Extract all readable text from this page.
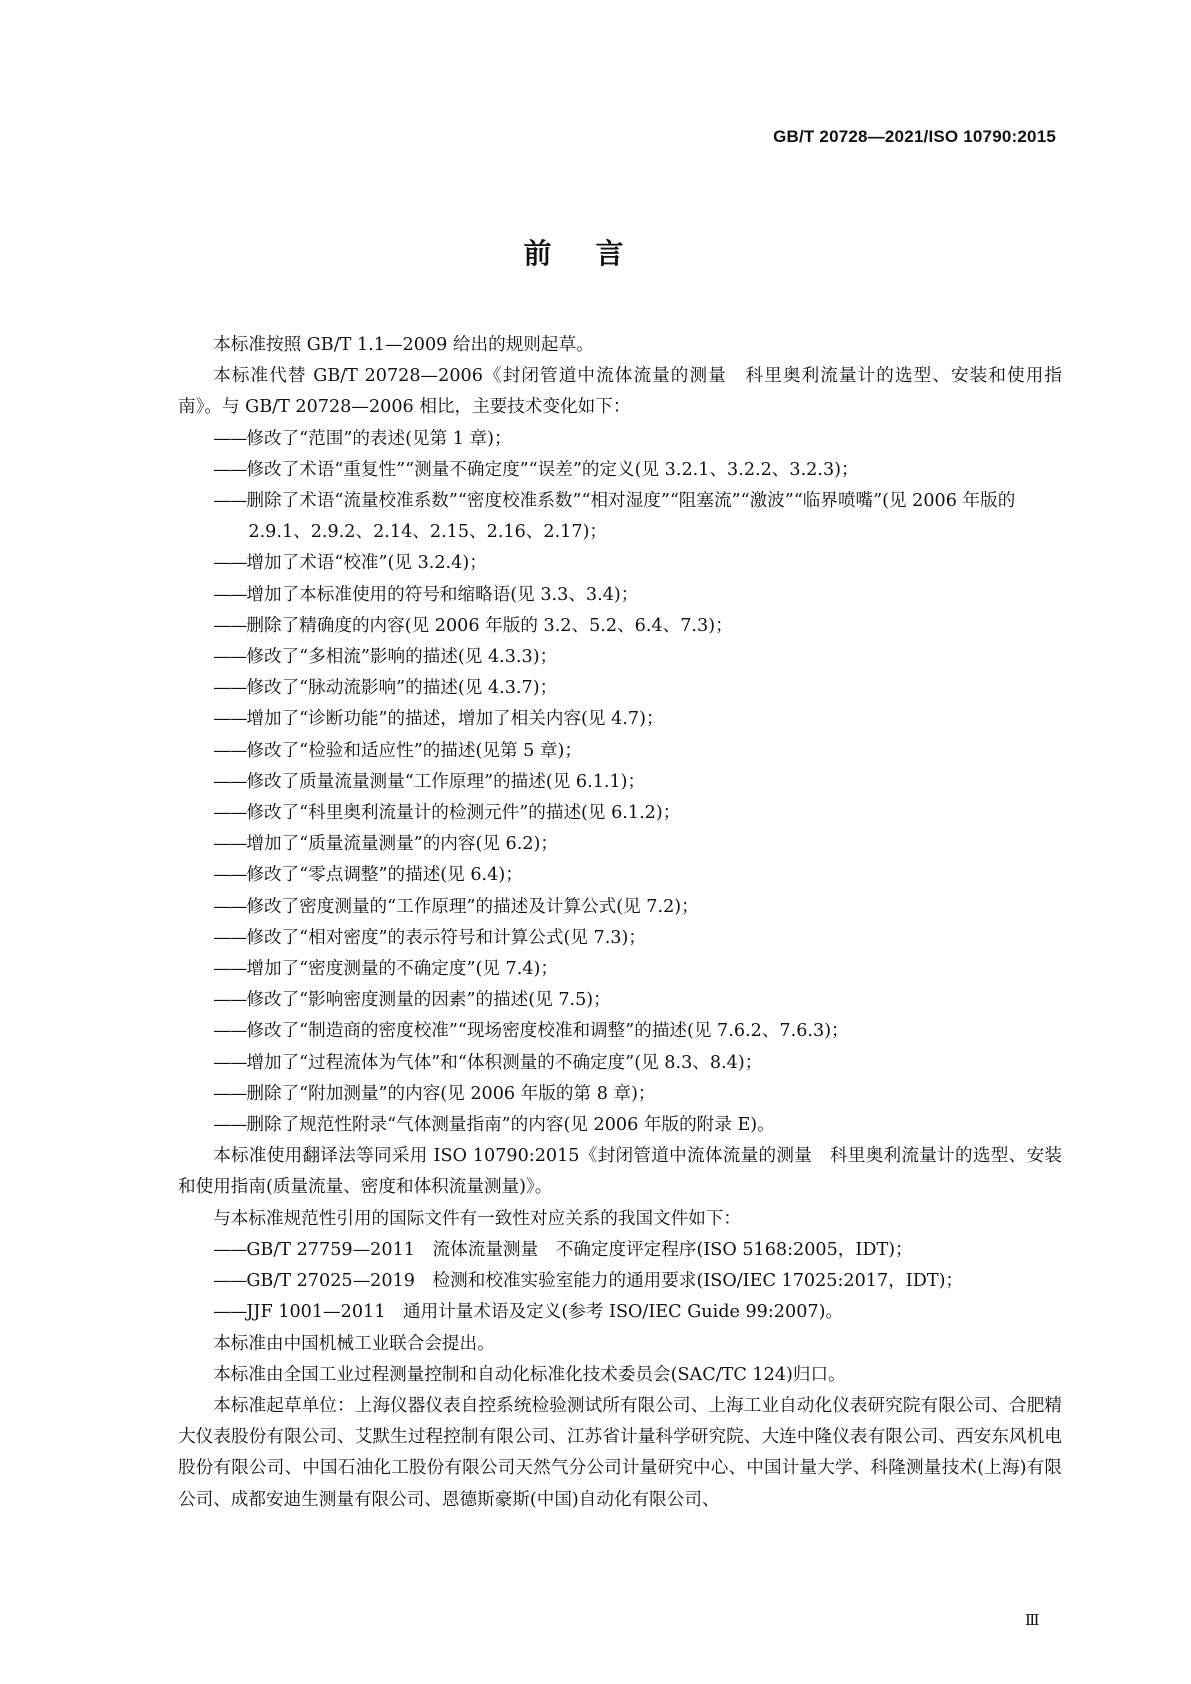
GB/T 20728—2021/ISO 10790:2015
前言

本标准按照 GB/T 1.1—2009 给出的规则起草。

本标准代替 GB/T 20728—2006《封闭管道中流体流量的测量　科里奥利流量计的选型、安装和使用指南》。与 GB/T 20728—2006 相比，主要技术变化如下：

——修改了“范围”的表述(见第 1 章)；

——修改了术语“重复性”“测量不确定度”“误差”的定义(见 3.2.1、3.2.2、3.2.3)；

——删除了术语“流量校准系数”“密度校准系数”“相对湿度”“阻塞流”“激波”“临界喷嘴”(见 2006 年版的 2.9.1、2.9.2、2.14、2.15、2.16、2.17)；

——增加了术语“校准”(见 3.2.4)；

——增加了本标准使用的符号和缩略语(见 3.3、3.4)；

——删除了精确度的内容(见 2006 年版的 3.2、5.2、6.4、7.3)；

——修改了“多相流”影响的描述(见 4.3.3)；

——修改了“脉动流影响”的描述(见 4.3.7)；

——增加了“诊断功能”的描述，增加了相关内容(见 4.7)；

——修改了“检验和适应性”的描述(见第 5 章)；

——修改了质量流量测量“工作原理”的描述(见 6.1.1)；

——修改了“科里奥利流量计的检测元件”的描述(见 6.1.2)；

——增加了“质量流量测量”的内容(见 6.2)；

——修改了“零点调整”的描述(见 6.4)；

——修改了密度测量的“工作原理”的描述及计算公式(见 7.2)；

——修改了“相对密度”的表示符号和计算公式(见 7.3)；

——增加了“密度测量的不确定度”(见 7.4)；

——修改了“影响密度测量的因素”的描述(见 7.5)；

——修改了“制造商的密度校准”“现场密度校准和调整”的描述(见 7.6.2、7.6.3)；

——增加了“过程流体为气体”和“体积测量的不确定度”(见 8.3、8.4)；

——删除了“附加测量”的内容(见 2006 年版的第 8 章)；

——删除了规范性附录“气体测量指南”的内容(见 2006 年版的附录 E)。

本标准使用翻译法等同采用 ISO 10790:2015《封闭管道中流体流量的测量　科里奥利流量计的选型、安装和使用指南(质量流量、密度和体积流量测量)》。

与本标准规范性引用的国际文件有一致性对应关系的我国文件如下：

——GB/T 27759—2011　流体流量测量　不确定度评定程序(ISO 5168:2005，IDT)；

——GB/T 27025—2019　检测和校准实验室能力的通用要求(ISO/IEC 17025:2017，IDT)；

——JJF 1001—2011　通用计量术语及定义(参考 ISO/IEC Guide 99:2007)。

本标准由中国机械工业联合会提出。

本标准由全国工业过程测量控制和自动化标准化技术委员会(SAC/TC 124)归口。

本标准起草单位：上海仪器仪表自控系统检验测试所有限公司、上海工业自动化仪表研究院有限公司、合肥精大仪表股份有限公司、艾默生过程控制有限公司、江苏省计量科学研究院、大连中隆仪表有限公司、西安东风机电股份有限公司、中国石油化工股份有限公司天然气分公司计量研究中心、中国计量大学、科隆测量技术(上海)有限公司、成都安迪生测量有限公司、恩德斯豪斯(中国)自动化有限公司、

Ⅲ
